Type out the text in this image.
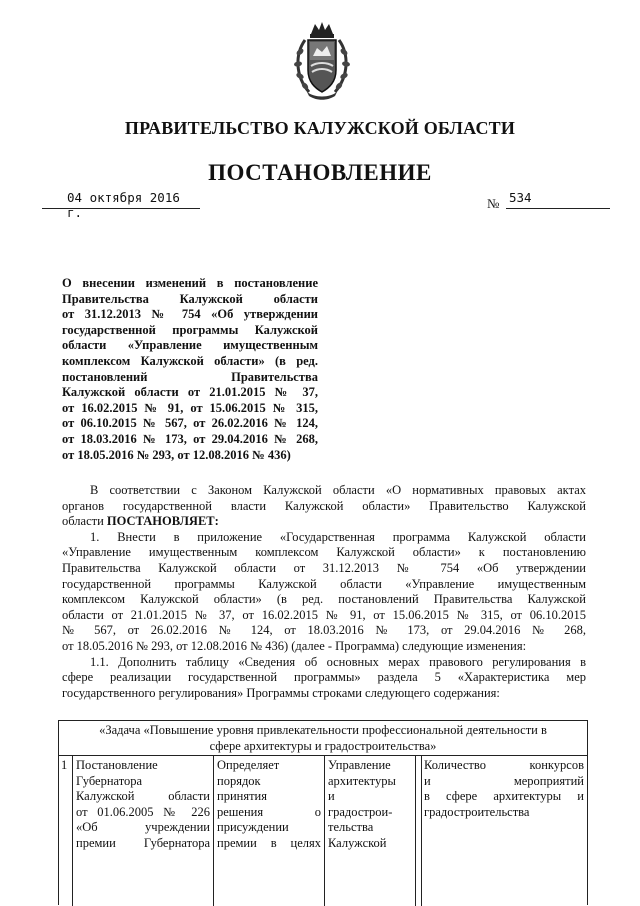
ПРАВИТЕЛЬСТВО КАЛУЖСКОЙ ОБЛАСТИ
ПОСТАНОВЛЕНИЕ
04 октября 2016 г.
№ 534
О внесении изменений в постановление
Правительства Калужской области
от 31.12.2013 № 754 «Об утверждении
государственной программы Калужской
области «Управление имущественным
комплексом Калужской области» (в ред.
постановлений Правительства
Калужской области от 21.01.2015 № 37,
от 16.02.2015 № 91, от 15.06.2015 № 315,
от 06.10.2015 № 567, от 26.02.2016 № 124,
от 18.03.2016 № 173, от 29.04.2016 № 268,
от 18.05.2016 № 293, от 12.08.2016 № 436)
В соответствии с Законом Калужской области «О нормативных правовых актах
органов государственной власти Калужской области» Правительство Калужской
области ПОСТАНОВЛЯЕТ:
1. Внести в приложение «Государственная программа Калужской области
«Управление имущественным комплексом Калужской области» к постановлению
Правительства Калужской области от 31.12.2013 № 754 «Об утверждении
государственной программы Калужской области «Управление имущественным
комплексом Калужской области» (в ред. постановлений Правительства Калужской
области от 21.01.2015 № 37, от 16.02.2015 № 91, от 15.06.2015 № 315, от 06.10.2015
№ 567, от 26.02.2016 № 124, от 18.03.2016 № 173, от 29.04.2016 № 268,
от 18.05.2016 № 293, от 12.08.2016 № 436) (далее - Программа) следующие изменения:
1.1. Дополнить таблицу «Сведения об основных мерах правового регулирования в
сфере реализации государственной программы» раздела 5 «Характеристика мер
государственного регулирования» Программы строками следующего содержания:
«Задача «Повышение уровня привлекательности профессиональной деятельности в
сфере архитектуры и градостроительства»
1 Постановление
Губернатора
Калужской области
от 01.06.2005 № 226
«Об учреждении
премии Губернатора
Определяет
порядок
принятия
решения о
присуждении
премии в целях
Управление
архитектуры
и
градострои-
тельства
Калужской
Количество конкурсов
и мероприятий
в сфере архитектуры и
градостроительства
